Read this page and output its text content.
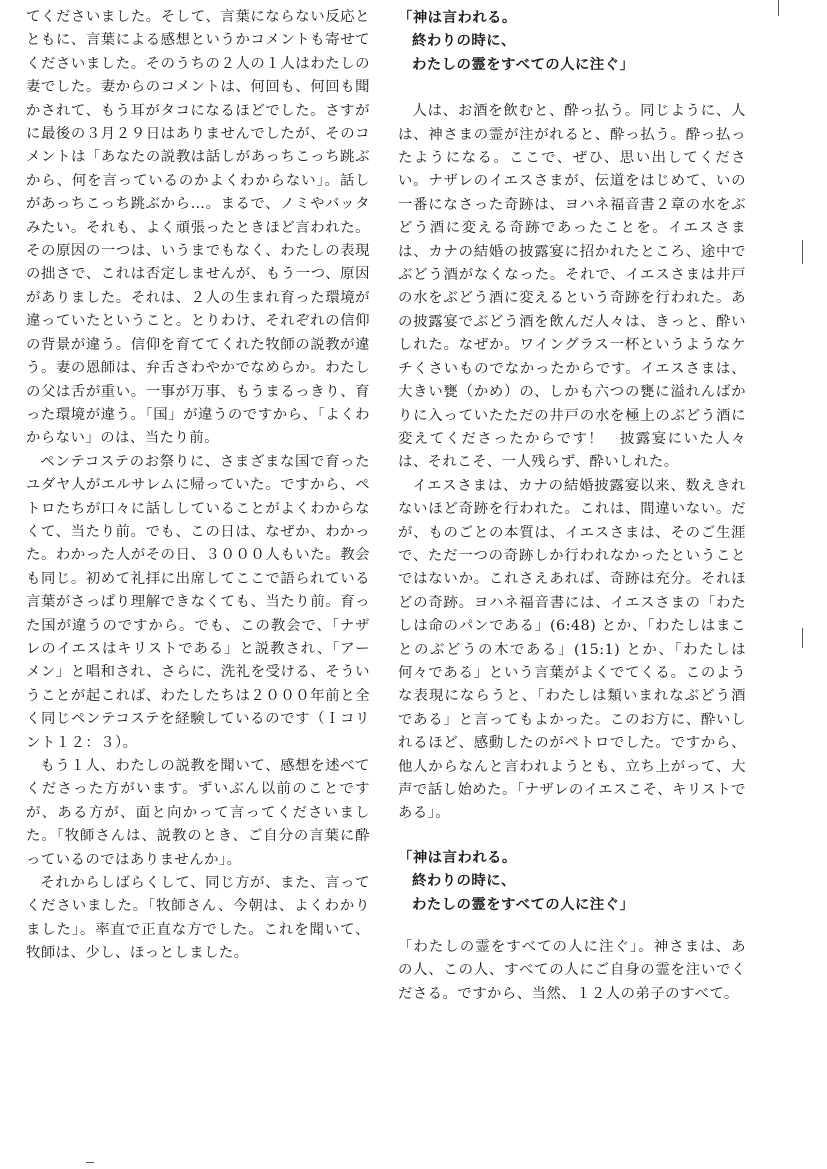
てくださいました。そして、言葉にならない反応とともに、言葉による感想というかコメントも寄せてくださいました。そのうちの２人の１人はわたしの妻でした。妻からのコメントは、何回も、何回も聞かされて、もう耳がタコになるほどでした。さすがに最後の３月２９日はありませんでしたが、そのコメントは「あなたの説教は話しがあっちこっち跳ぶから、何を言っているのかよくわからない」。話しがあっちこっち跳ぶから…。まるで、ノミやバッタみたい。それも、よく頑張ったときほど言われた。その原因の一つは、いうまでもなく、わたしの表現の拙さで、これは否定しませんが、もう一つ、原因がありました。それは、２人の生まれ育った環境が違っていたということ。とりわけ、それぞれの信仰の背景が違う。信仰を育ててくれた牧師の説教が違う。妻の恩師は、弁舌さわやかでなめらか。わたしの父は舌が重い。一事が万事、もうまるっきり、育った環境が違う。「国」が違うのですから、「よくわからない」のは、当たり前。

ペンテコステのお祭りに、さまざまな国で育ったユダヤ人がエルサレムに帰っていた。ですから、ペトロたちが口々に話ししていることがよくわからなくて、当たり前。でも、この日は、なぜか、わかった。わかった人がその日、３０００人もいた。教会も同じ。初めて礼拝に出席してここで語られている言葉がさっぱり理解できなくても、当たり前。育った国が違うのですから。でも、この教会で、「ナザレのイエスはキリストである」と説教され、「アーメン」と唱和され、さらに、洗礼を受ける、そういうことが起これば、わたしたちは２０００年前と全く同じペンテコステを経験しているのです（Ｉコリント１２：３）。

もう１人、わたしの説教を聞いて、感想を述べてくださった方がいます。ずいぶん以前のことですが、ある方が、面と向かって言ってくださいました。「牧師さんは、説教のとき、ご自分の言葉に酔っているのではありませんか」。

それからしばらくして、同じ方が、また、言ってくださいました。「牧師さん、今朝は、よくわかりました」。率直で正直な方でした。これを聞いて、牧師は、少し、ほっとしました。

「神は言われる。
終わりの時に、
わたしの霊をすべての人に注ぐ」

人は、お酒を飲むと、酔っ払う。同じように、人は、神さまの霊が注がれると、酔っ払う。酔っ払ったようになる。ここで、ぜひ、思い出してください。ナザレのイエスさまが、伝道をはじめて、いの一番になさった奇跡は、ヨハネ福音書２章の水をぶどう酒に変える奇跡であったことを。イエスさまは、カナの結婚の披露宴に招かれたところ、途中でぶどう酒がなくなった。それで、イエスさまは井戸の水をぶどう酒に変えるという奇跡を行われた。あの披露宴でぶどう酒を飲んだ人々は、きっと、酔いしれた。なぜか。ワイングラス一杯というようなケチくさいものでなかったからです。イエスさまは、大きい甕（かめ）の、しかも六つの甕に溢れんばかりに入っていたただの井戸の水を極上のぶどう酒に変えてくださったからです！　披露宴にいた人々は、それこそ、一人残らず、酔いしれた。

イエスさまは、カナの結婚披露宴以来、数えきれないほど奇跡を行われた。これは、間違いない。だが、ものごとの本質は、イエスさまは、そのご生涯で、ただ一つの奇跡しか行われなかったということではないか。これさえあれば、奇跡は充分。それほどの奇跡。ヨハネ福音書には、イエスさまの「わたしは命のパンである」(6:48) とか、「わたしはまことのぶどうの木である」(15:1) とか、「わたしは何々である」という言葉がよくでてくる。このような表現にならうと、「わたしは類いまれなぶどう酒である」と言ってもよかった。このお方に、酔いしれるほど、感動したのがペトロでした。ですから、他人からなんと言われようとも、立ち上がって、大声で話し始めた。「ナザレのイエスこそ、キリストである」。

「神は言われる。
終わりの時に、
わたしの霊をすべての人に注ぐ」

「わたしの霊をすべての人に注ぐ」。神さまは、あの人、この人、すべての人にご自身の霊を注いでくださる。ですから、当然、１２人の弟子のすべて。
